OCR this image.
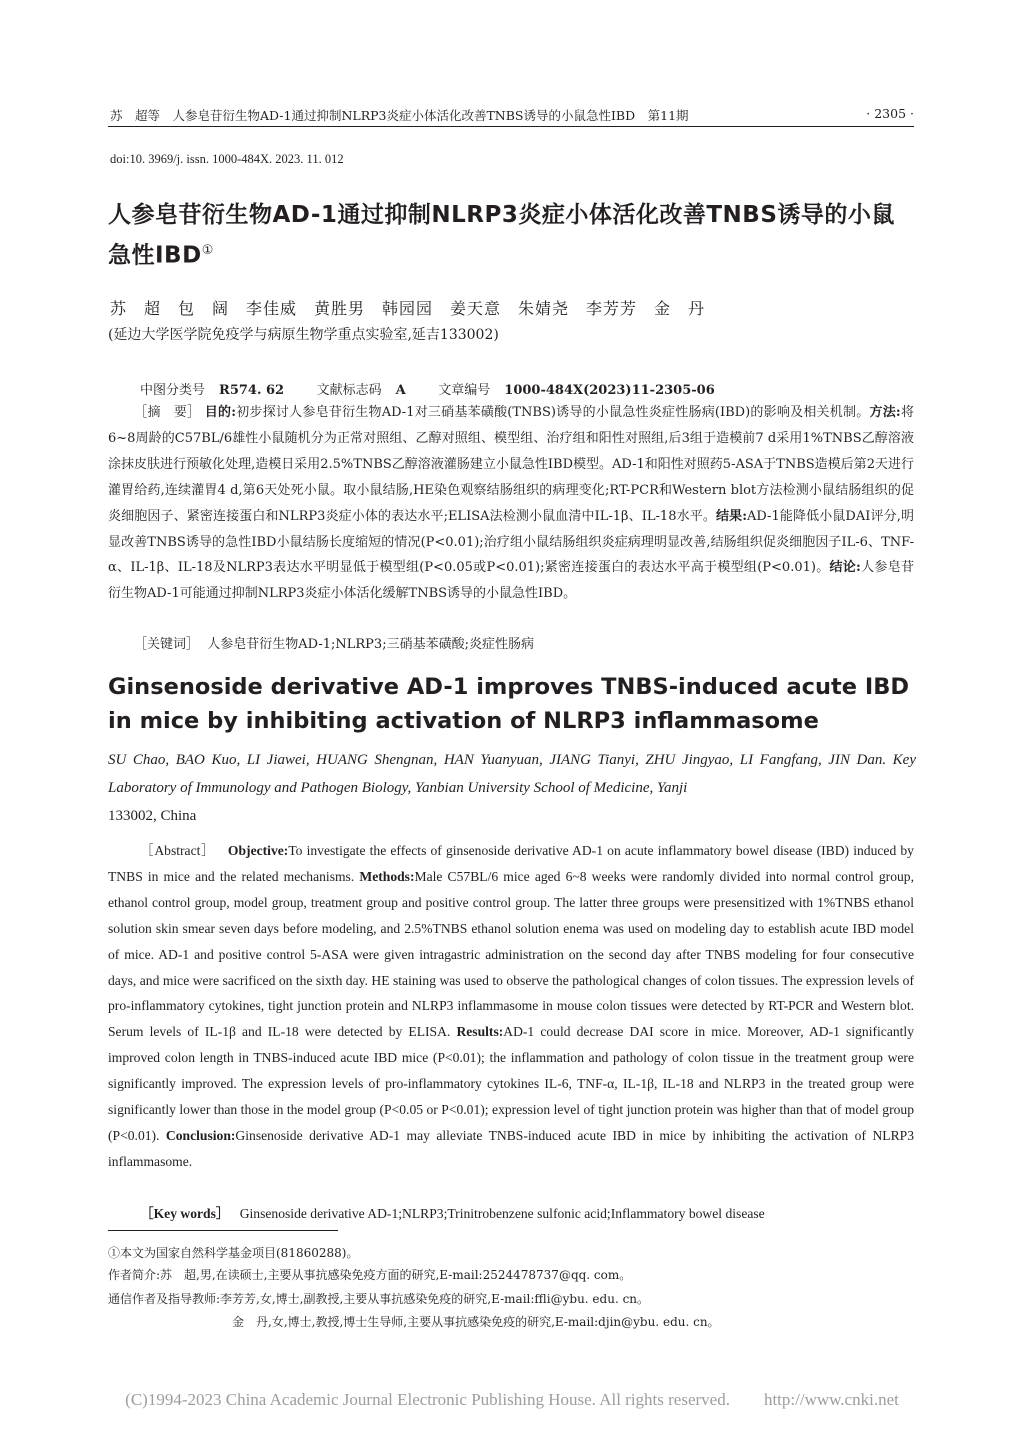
苏　超等　人参皂苷衍生物AD-1通过抑制NLRP3炎症小体活化改善TNBS诱导的小鼠急性IBD　第11期	· 2305 ·
doi:10. 3969/j. issn. 1000-484X. 2023. 11. 012
人参皂苷衍生物AD-1通过抑制NLRP3炎症小体活化改善TNBS诱导的小鼠急性IBD①
苏　超　包　阔　李佳威　黄胜男　韩园园　姜天意　朱婧尧　李芳芳　金　丹
(延边大学医学院免疫学与病原生物学重点实验室,延吉133002)
中图分类号 R574. 62	文献标志码 A	文章编号 1000-484X(2023)11-2305-06
［摘　要］ 目的:初步探讨人参皂苷衍生物AD-1对三硝基苯磺酸(TNBS)诱导的小鼠急性炎症性肠病(IBD)的影响及相关机制。方法:将6~8周龄的C57BL/6雄性小鼠随机分为正常对照组、乙醇对照组、模型组、治疗组和阳性对照组,后3组于造模前7 d采用1%TNBS乙醇溶液涂抹皮肤进行预敏化处理,造模日采用2.5%TNBS乙醇溶液灌肠建立小鼠急性IBD模型。AD-1和阳性对照药5-ASA于TNBS造模后第2天进行灌胃给药,连续灌胃4 d,第6天处死小鼠。取小鼠结肠,HE染色观察结肠组织的病理变化;RT-PCR和Western blot方法检测小鼠结肠组织的促炎细胞因子、紧密连接蛋白和NLRP3炎症小体的表达水平;ELISA法检测小鼠血清中IL-1β、IL-18水平。结果:AD-1能降低小鼠DAI评分,明显改善TNBS诱导的急性IBD小鼠结肠长度缩短的情况(P<0.01);治疗组小鼠结肠组织炎症病理明显改善,结肠组织促炎细胞因子IL-6、TNF-α、IL-1β、IL-18及NLRP3表达水平明显低于模型组(P<0.05或P<0.01);紧密连接蛋白的表达水平高于模型组(P<0.01)。结论:人参皂苷衍生物AD-1可能通过抑制NLRP3炎症小体活化缓解TNBS诱导的小鼠急性IBD。
［关键词］ 人参皂苷衍生物AD-1;NLRP3;三硝基苯磺酸;炎症性肠病
Ginsenoside derivative AD-1 improves TNBS-induced acute IBD in mice by inhibiting activation of NLRP3 inflammasome
SU Chao, BAO Kuo, LI Jiawei, HUANG Shengnan, HAN Yuanyuan, JIANG Tianyi, ZHU Jingyao, LI Fangfang, JIN Dan. Key Laboratory of Immunology and Pathogen Biology, Yanbian University School of Medicine, Yanji
133002, China
［Abstract］ Objective:To investigate the effects of ginsenoside derivative AD-1 on acute inflammatory bowel disease (IBD) induced by TNBS in mice and the related mechanisms. Methods:Male C57BL/6 mice aged 6~8 weeks were randomly divided into normal control group, ethanol control group, model group, treatment group and positive control group. The latter three groups were presensitized with 1%TNBS ethanol solution skin smear seven days before modeling, and 2.5%TNBS ethanol solution enema was used on modeling day to establish acute IBD model of mice. AD-1 and positive control 5-ASA were given intragastric administration on the second day after TNBS modeling for four consecutive days, and mice were sacrificed on the sixth day. HE staining was used to observe the pathological changes of colon tissues. The expression levels of pro-inflammatory cytokines, tight junction protein and NLRP3 inflammasome in mouse colon tissues were detected by RT-PCR and Western blot. Serum levels of IL-1β and IL-18 were detected by ELISA. Results:AD-1 could decrease DAI score in mice. Moreover, AD-1 significantly improved colon length in TNBS-induced acute IBD mice (P<0.01); the inflammation and pathology of colon tissue in the treatment group were significantly improved. The expression levels of pro-inflammatory cytokines IL-6, TNF-α, IL-1β, IL-18 and NLRP3 in the treated group were significantly lower than those in the model group (P<0.05 or P<0.01); expression level of tight junction protein was higher than that of model group (P<0.01). Conclusion:Ginsenoside derivative AD-1 may alleviate TNBS-induced acute IBD in mice by inhibiting the activation of NLRP3 inflammasome.
［Key words］ Ginsenoside derivative AD-1;NLRP3;Trinitrobenzene sulfonic acid;Inflammatory bowel disease
①本文为国家自然科学基金项目(81860288)。
作者简介:苏　超,男,在读硕士,主要从事抗感染免疫方面的研究,E-mail:2524478737@qq. com。
通信作者及指导教师:李芳芳,女,博士,副教授,主要从事抗感染免疫的研究,E-mail:ffli@ybu. edu. cn。
金　丹,女,博士,教授,博士生导师,主要从事抗感染免疫的研究,E-mail:djin@ybu. edu. cn。
(C)1994-2023 China Academic Journal Electronic Publishing House. All rights reserved.　　http://www.cnki.net
